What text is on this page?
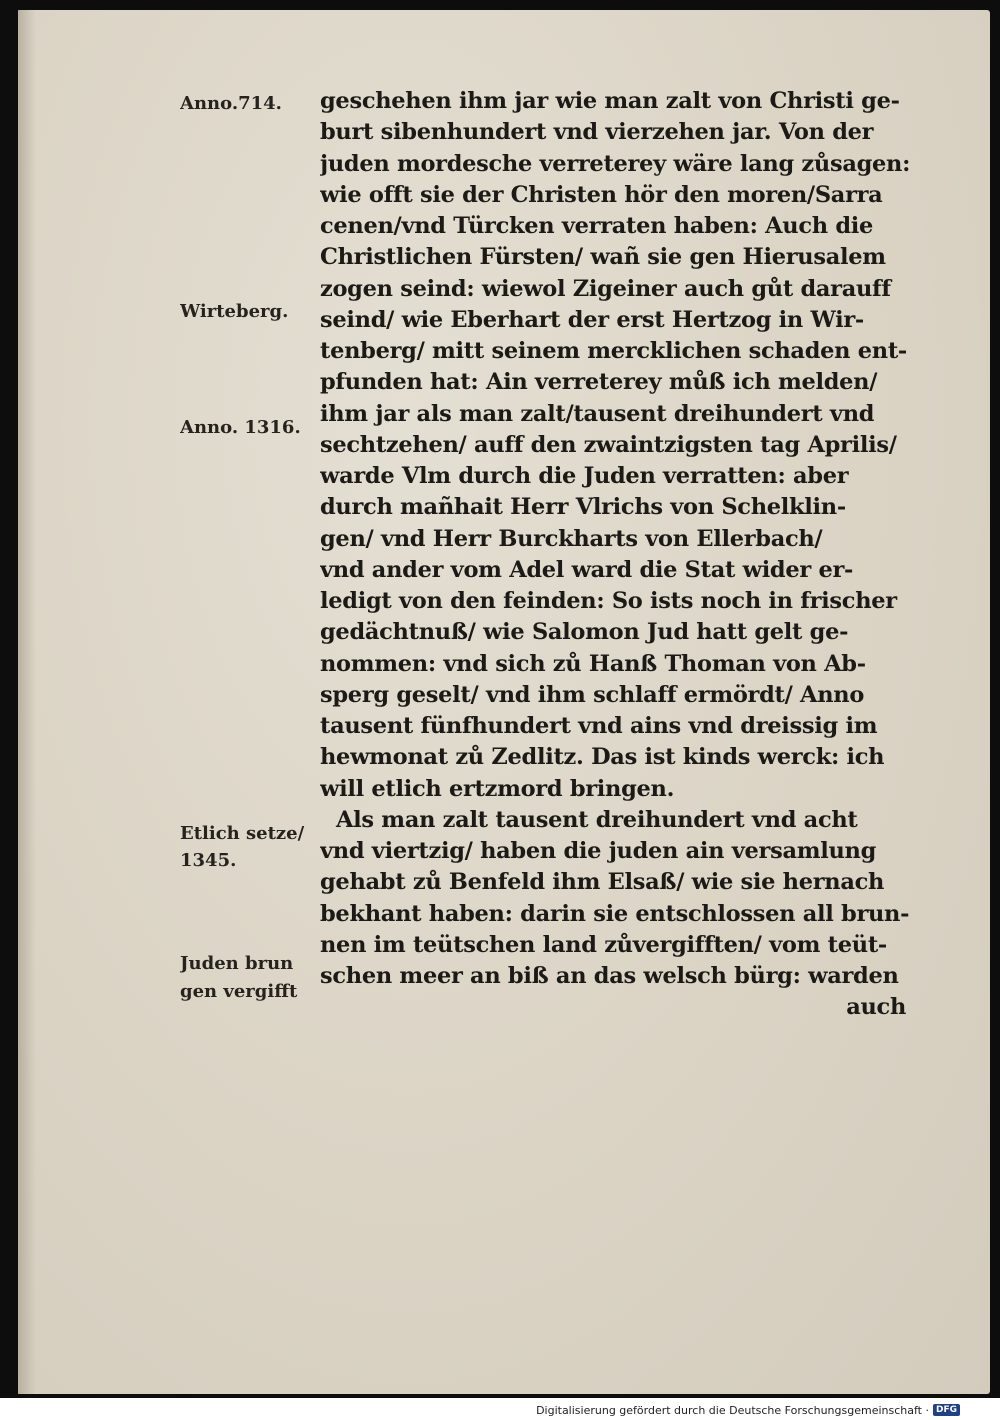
Anno.714.
Wirteberg.
Anno. 1316.
Etlich setze/
1345.
Juden brun
gen vergifft
geschehen ihm jar wie man zalt von Christi ge-
burt sibenhundert vnd vierzehen jar. Von der
juden mordesche verreterey wäre lang zůsagen:
wie offt sie der Christen hör den moren/Sarra
cenen/vnd Türcken verraten haben: Auch die
Christlichen Fürsten/ wañ sie gen Hierusalem
zogen seind: wiewol Zigeiner auch gůt darauff
seind/ wie Eberhart der erst Hertzog in Wir-
tenberg/ mitt seinem mercklichen schaden ent-
pfunden hat: Ain verreterey můß ich melden/
ihm jar als man zalt/tausent dreihundert vnd
sechtzehen/ auff den zwaintzigsten tag Aprilis/
warde Vlm durch die Juden verratten: aber
durch mañhait Herr Vlrichs von Schelklin-
gen/ vnd Herr Burckharts von Ellerbach/
vnd ander vom Adel ward die Stat wider er-
ledigt von den feinden: So ists noch in frischer
gedächtnuß/ wie Salomon Jud hatt gelt ge-
nommen: vnd sich zů Hanß Thoman von Ab-
sperg geselt/ vnd ihm schlaff ermördt/ Anno
tausent fünfhundert vnd ains vnd dreissig im
hewmonat zů Zedlitz. Das ist kinds werck: ich
will etlich ertzmord bringen.
Als man zalt tausent dreihundert vnd acht
vnd viertzig/ haben die juden ain versamlung
gehabt zů Benfeld ihm Elsaß/ wie sie hernach
bekhant haben: darin sie entschlossen all brun-
nen im teütschen land zůvergifften/ vom teüt-
schen meer an biß an das welsch bürg: warden
auch
Digitalisierung gefördert durch die Deutsche Forschungsgemeinschaft · DFG
